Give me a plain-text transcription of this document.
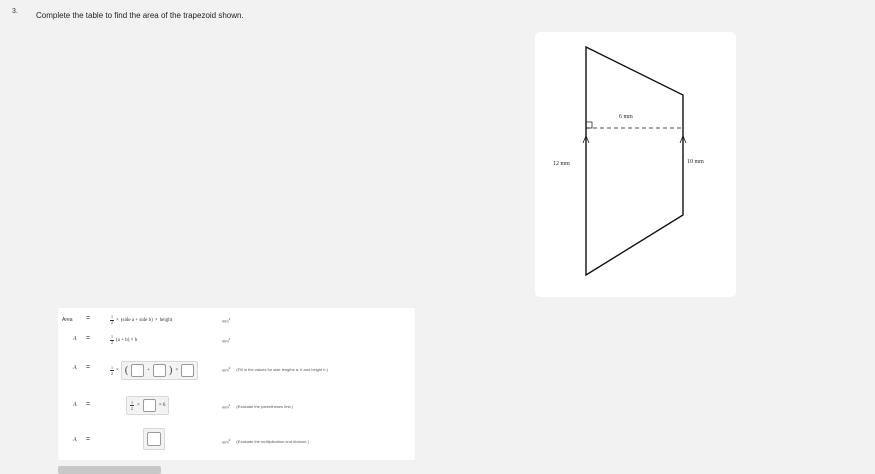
3. Complete the table to find the area of the trapezoid shown.
6 mm
12 mm	10 mm
Area =	$\frac{1}{2}$ × (side a + side b) × height	$mm^2$
A =	$\frac{1}{2} (a + b) \times h$	$mm^2$
A =	$\frac{1}{2}$ × (	+ ) ×	$mm^2$ (Fill in the values for side lengths a, b and height h.)
A =	$\frac{1}{2}$ ×	× 6	$mm^2$ (Evaluate the parentheses first.)
A =	$mm^2$ (Evaluate the multiplication and division.)
